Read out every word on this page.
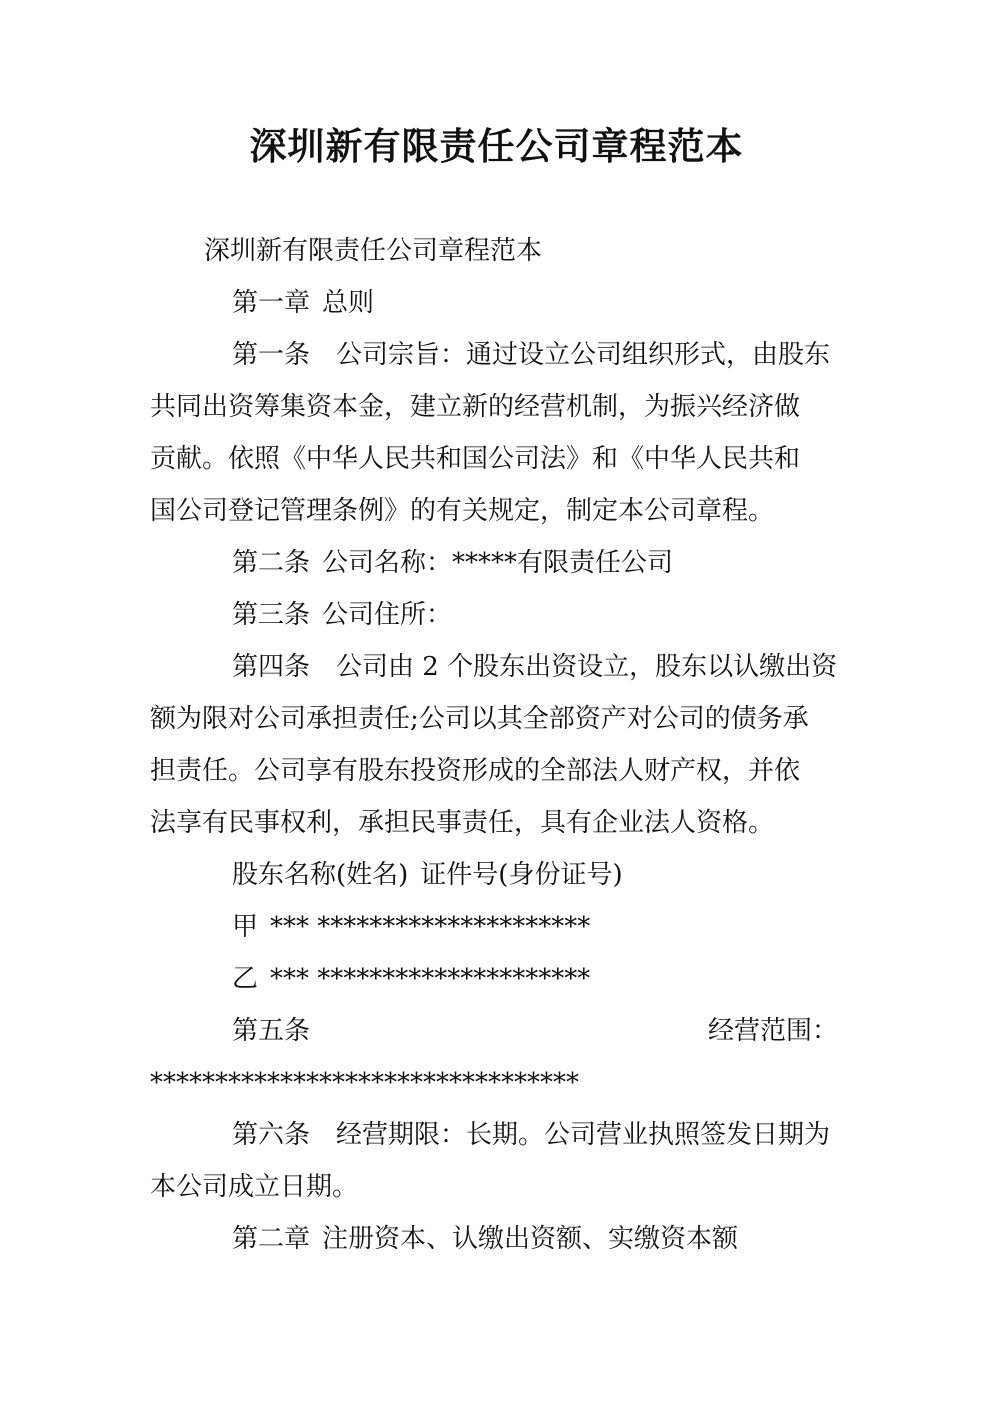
深圳新有限责任公司章程范本
深圳新有限责任公司章程范本
第一章 总则
第一条 公司宗旨：通过设立公司组织形式，由股东
共同出资筹集资本金，建立新的经营机制，为振兴经济做
贡献。依照《中华人民共和国公司法》和《中华人民共和
国公司登记管理条例》的有关规定，制定本公司章程。
第二条 公司名称：*****有限责任公司
第三条 公司住所：
第四条 公司由 2 个股东出资设立，股东以认缴出资
额为限对公司承担责任;公司以其全部资产对公司的债务承
担责任。公司享有股东投资形成的全部法人财产权，并依
法享有民事权利，承担民事责任，具有企业法人资格。
股东名称(姓名) 证件号(身份证号)
甲 *** *********************
乙 *** *********************
第五条	经营范围：
*********************************
第六条 经营期限：长期。公司营业执照签发日期为
本公司成立日期。
第二章 注册资本、认缴出资额、实缴资本额
